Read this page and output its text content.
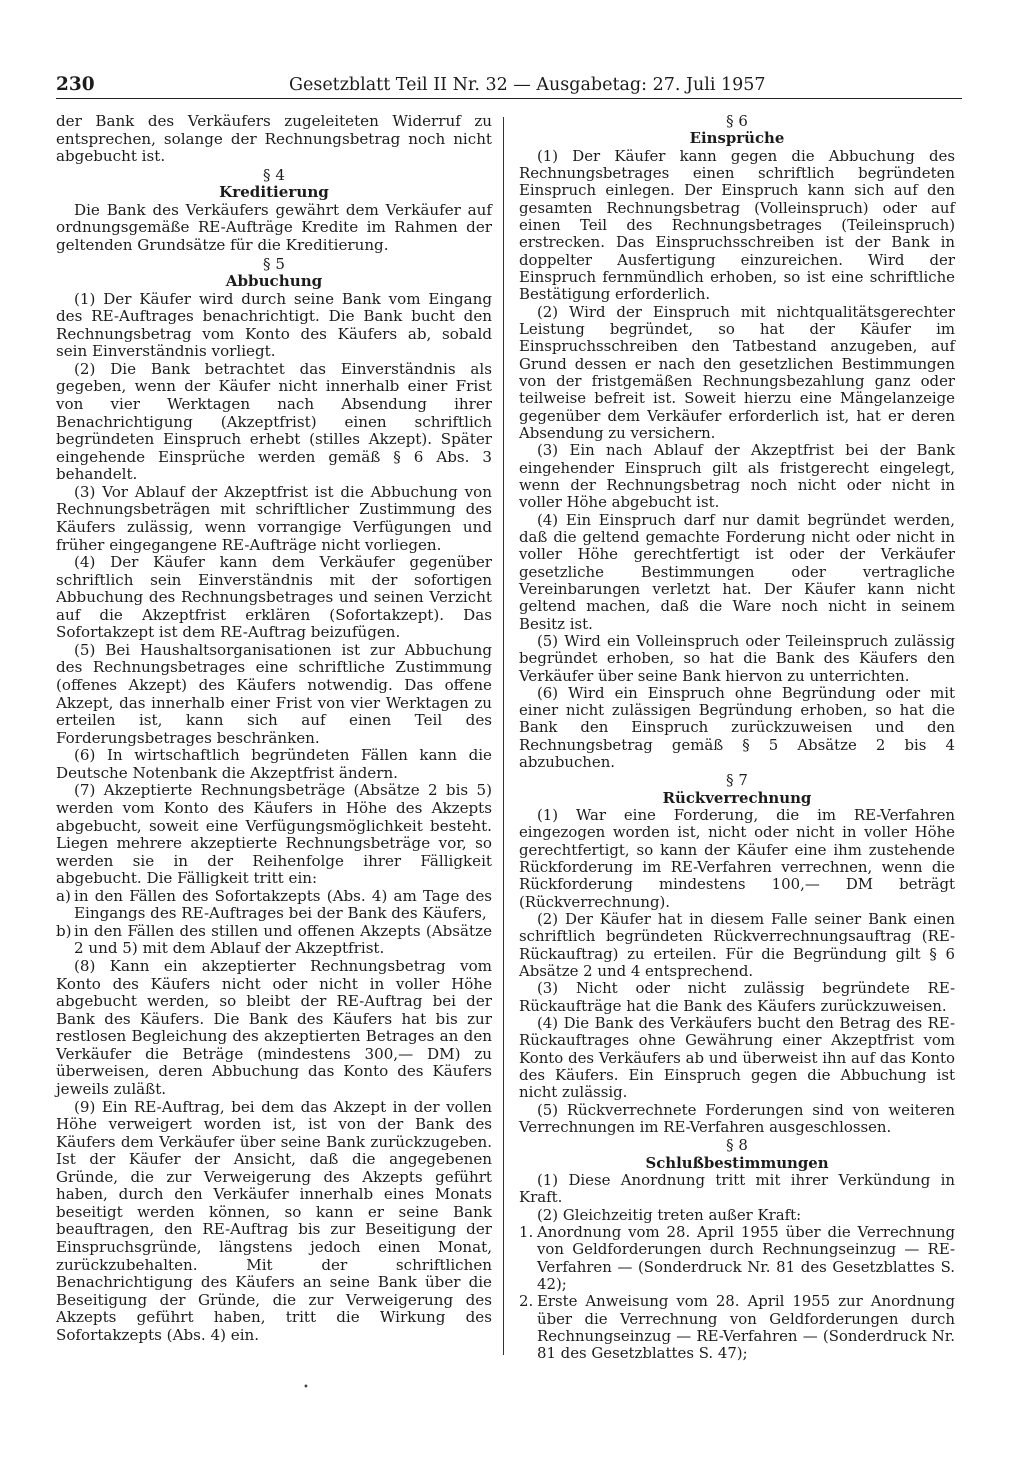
230	Gesetzblatt Teil II Nr. 32 — Ausgabetag: 27. Juli 1957

der Bank des Verkäufers zugeleiteten Widerruf zu entsprechen, solange der Rechnungsbetrag noch nicht abgebucht ist.

§ 4
Kreditierung

Die Bank des Verkäufers gewährt dem Verkäufer auf ordnungsgemäße RE-Aufträge Kredite im Rahmen der geltenden Grundsätze für die Kreditierung.

§ 5
Abbuchung

(1) Der Käufer wird durch seine Bank vom Eingang des RE-Auftrages benachrichtigt. Die Bank bucht den Rechnungsbetrag vom Konto des Käufers ab, sobald sein Einverständnis vorliegt.

(2) Die Bank betrachtet das Einverständnis als gegeben, wenn der Käufer nicht innerhalb einer Frist von vier Werktagen nach Absendung ihrer Benachrichtigung (Akzeptfrist) einen schriftlich begründeten Einspruch erhebt (stilles Akzept). Später eingehende Einsprüche werden gemäß § 6 Abs. 3 behandelt.

(3) Vor Ablauf der Akzeptfrist ist die Abbuchung von Rechnungsbeträgen mit schriftlicher Zustimmung des Käufers zulässig, wenn vorrangige Verfügungen und früher eingegangene RE-Aufträge nicht vorliegen.

(4) Der Käufer kann dem Verkäufer gegenüber schriftlich sein Einverständnis mit der sofortigen Abbuchung des Rechnungsbetrages und seinen Verzicht auf die Akzeptfrist erklären (Sofortakzept). Das Sofortakzept ist dem RE-Auftrag beizufügen.

(5) Bei Haushaltsorganisationen ist zur Abbuchung des Rechnungsbetrages eine schriftliche Zustimmung (offenes Akzept) des Käufers notwendig. Das offene Akzept, das innerhalb einer Frist von vier Werktagen zu erteilen ist, kann sich auf einen Teil des Forderungsbetrages beschränken.

(6) In wirtschaftlich begründeten Fällen kann die Deutsche Notenbank die Akzeptfrist ändern.

(7) Akzeptierte Rechnungsbeträge (Absätze 2 bis 5) werden vom Konto des Käufers in Höhe des Akzepts abgebucht, soweit eine Verfügungsmöglichkeit besteht. Liegen mehrere akzeptierte Rechnungsbeträge vor, so werden sie in der Reihenfolge ihrer Fälligkeit abgebucht. Die Fälligkeit tritt ein:

a) in den Fällen des Sofortakzepts (Abs. 4) am Tage des Eingangs des RE-Auftrages bei der Bank des Käufers,
b) in den Fällen des stillen und offenen Akzepts (Absätze 2 und 5) mit dem Ablauf der Akzeptfrist.

(8) Kann ein akzeptierter Rechnungsbetrag vom Konto des Käufers nicht oder nicht in voller Höhe abgebucht werden, so bleibt der RE-Auftrag bei der Bank des Käufers. Die Bank des Käufers hat bis zur restlosen Begleichung des akzeptierten Betrages an den Verkäufer die Beträge (mindestens 300,— DM) zu überweisen, deren Abbuchung das Konto des Käufers jeweils zuläßt.

(9) Ein RE-Auftrag, bei dem das Akzept in der vollen Höhe verweigert worden ist, ist von der Bank des Käufers dem Verkäufer über seine Bank zurückzugeben. Ist der Käufer der Ansicht, daß die angegebenen Gründe, die zur Verweigerung des Akzepts geführt haben, durch den Verkäufer innerhalb eines Monats beseitigt werden können, so kann er seine Bank beauftragen, den RE-Auftrag bis zur Beseitigung der Einspruchsgründe, längstens jedoch einen Monat, zurückzubehalten. Mit der schriftlichen Benachrichtigung des Käufers an seine Bank über die Beseitigung der Gründe, die zur Verweigerung des Akzepts geführt haben, tritt die Wirkung des Sofortakzepts (Abs. 4) ein.

§ 6
Einsprüche

(1) Der Käufer kann gegen die Abbuchung des Rechnungsbetrages einen schriftlich begründeten Einspruch einlegen. Der Einspruch kann sich auf den gesamten Rechnungsbetrag (Volleinspruch) oder auf einen Teil des Rechnungsbetrages (Teileinspruch) erstrecken. Das Einspruchsschreiben ist der Bank in doppelter Ausfertigung einzureichen. Wird der Einspruch fernmündlich erhoben, so ist eine schriftliche Bestätigung erforderlich.

(2) Wird der Einspruch mit nichtqualitätsgerechter Leistung begründet, so hat der Käufer im Einspruchsschreiben den Tatbestand anzugeben, auf Grund dessen er nach den gesetzlichen Bestimmungen von der fristgemäßen Rechnungsbezahlung ganz oder teilweise befreit ist. Soweit hierzu eine Mängelanzeige gegenüber dem Verkäufer erforderlich ist, hat er deren Absendung zu versichern.

(3) Ein nach Ablauf der Akzeptfrist bei der Bank eingehender Einspruch gilt als fristgerecht eingelegt, wenn der Rechnungsbetrag noch nicht oder nicht in voller Höhe abgebucht ist.

(4) Ein Einspruch darf nur damit begründet werden, daß die geltend gemachte Forderung nicht oder nicht in voller Höhe gerechtfertigt ist oder der Verkäufer gesetzliche Bestimmungen oder vertragliche Vereinbarungen verletzt hat. Der Käufer kann nicht geltend machen, daß die Ware noch nicht in seinem Besitz ist.

(5) Wird ein Volleinspruch oder Teileinspruch zulässig begründet erhoben, so hat die Bank des Käufers den Verkäufer über seine Bank hiervon zu unterrichten.

(6) Wird ein Einspruch ohne Begründung oder mit einer nicht zulässigen Begründung erhoben, so hat die Bank den Einspruch zurückzuweisen und den Rechnungsbetrag gemäß § 5 Absätze 2 bis 4 abzubuchen.

§ 7
Rückverrechnung

(1) War eine Forderung, die im RE-Verfahren eingezogen worden ist, nicht oder nicht in voller Höhe gerechtfertigt, so kann der Käufer eine ihm zustehende Rückforderung im RE-Verfahren verrechnen, wenn die Rückforderung mindestens 100,— DM beträgt (Rückverrechnung).

(2) Der Käufer hat in diesem Falle seiner Bank einen schriftlich begründeten Rückverrechnungsauftrag (RE-Rückauftrag) zu erteilen. Für die Begründung gilt § 6 Absätze 2 und 4 entsprechend.

(3) Nicht oder nicht zulässig begründete RE-Rückaufträge hat die Bank des Käufers zurückzuweisen.

(4) Die Bank des Verkäufers bucht den Betrag des RE-Rückauftrages ohne Gewährung einer Akzeptfrist vom Konto des Verkäufers ab und überweist ihn auf das Konto des Käufers. Ein Einspruch gegen die Abbuchung ist nicht zulässig.

(5) Rückverrechnete Forderungen sind von weiteren Verrechnungen im RE-Verfahren ausgeschlossen.

§ 8
Schlußbestimmungen

(1) Diese Anordnung tritt mit ihrer Verkündung in Kraft.

(2) Gleichzeitig treten außer Kraft:

1. Anordnung vom 28. April 1955 über die Verrechnung von Geldforderungen durch Rechnungseinzug — RE-Verfahren — (Sonderdruck Nr. 81 des Gesetzblattes S. 42);
2. Erste Anweisung vom 28. April 1955 zur Anordnung über die Verrechnung von Geldforderungen durch Rechnungseinzug — RE-Verfahren — (Sonderdruck Nr. 81 des Gesetzblattes S. 47);
•
